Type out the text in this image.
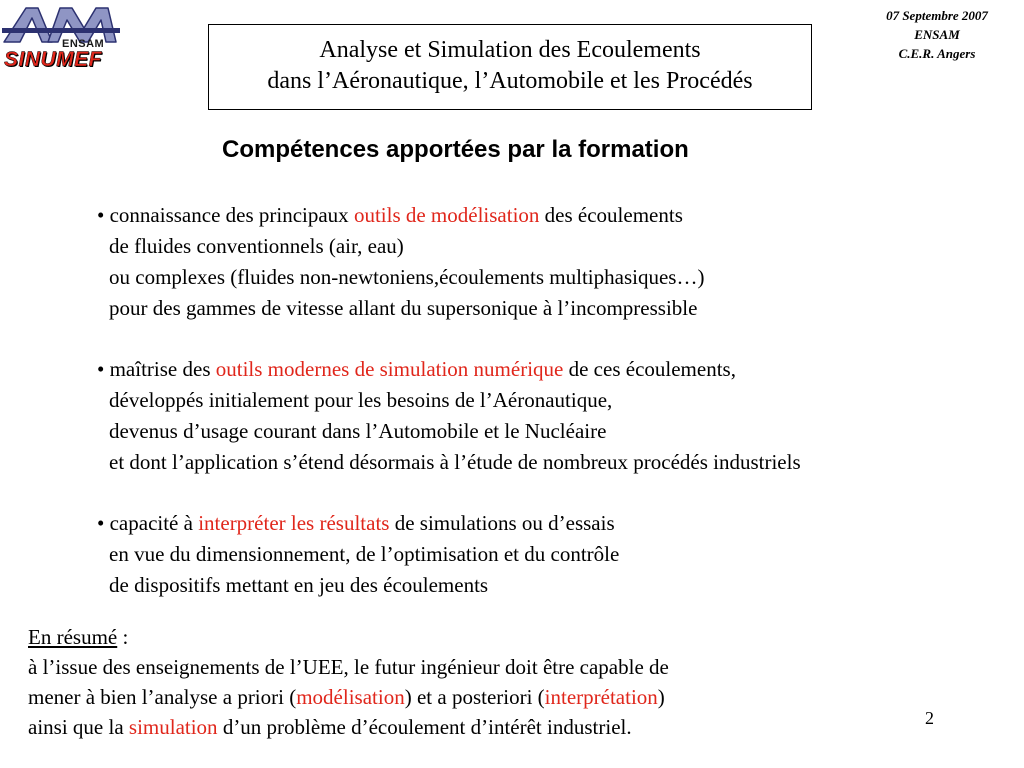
ENSAM
SINUMEF	Analyse et Simulation des Ecoulements
dans l’Aéronautique, l’Automobile et les Procédés
07 Septembre 2007
ENSAM
C.E.R. Angers
Compétences apportées par la formation
• connaissance des principaux outils de modélisation des écoulements
de fluides conventionnels (air, eau)
ou complexes (fluides non-newtoniens,écoulements multiphasiques…)
pour des gammes de vitesse allant du supersonique à l’incompressible
• maîtrise des outils modernes de simulation numérique de ces écoulements,
développés initialement pour les besoins de l’Aéronautique,
devenus d’usage courant dans l’Automobile et le Nucléaire
et dont l’application s’étend désormais à l’étude de nombreux procédés industriels
• capacité à interpréter les résultats de simulations ou d’essais
en vue du dimensionnement, de l’optimisation et du contrôle
de dispositifs mettant en jeu des écoulements
En résumé :
à l’issue des enseignements de l’UEE, le futur ingénieur doit être capable de
mener à bien l’analyse a priori (modélisation) et a posteriori (interprétation)
ainsi que la simulation d’un problème d’écoulement d’intérêt industriel.	2
